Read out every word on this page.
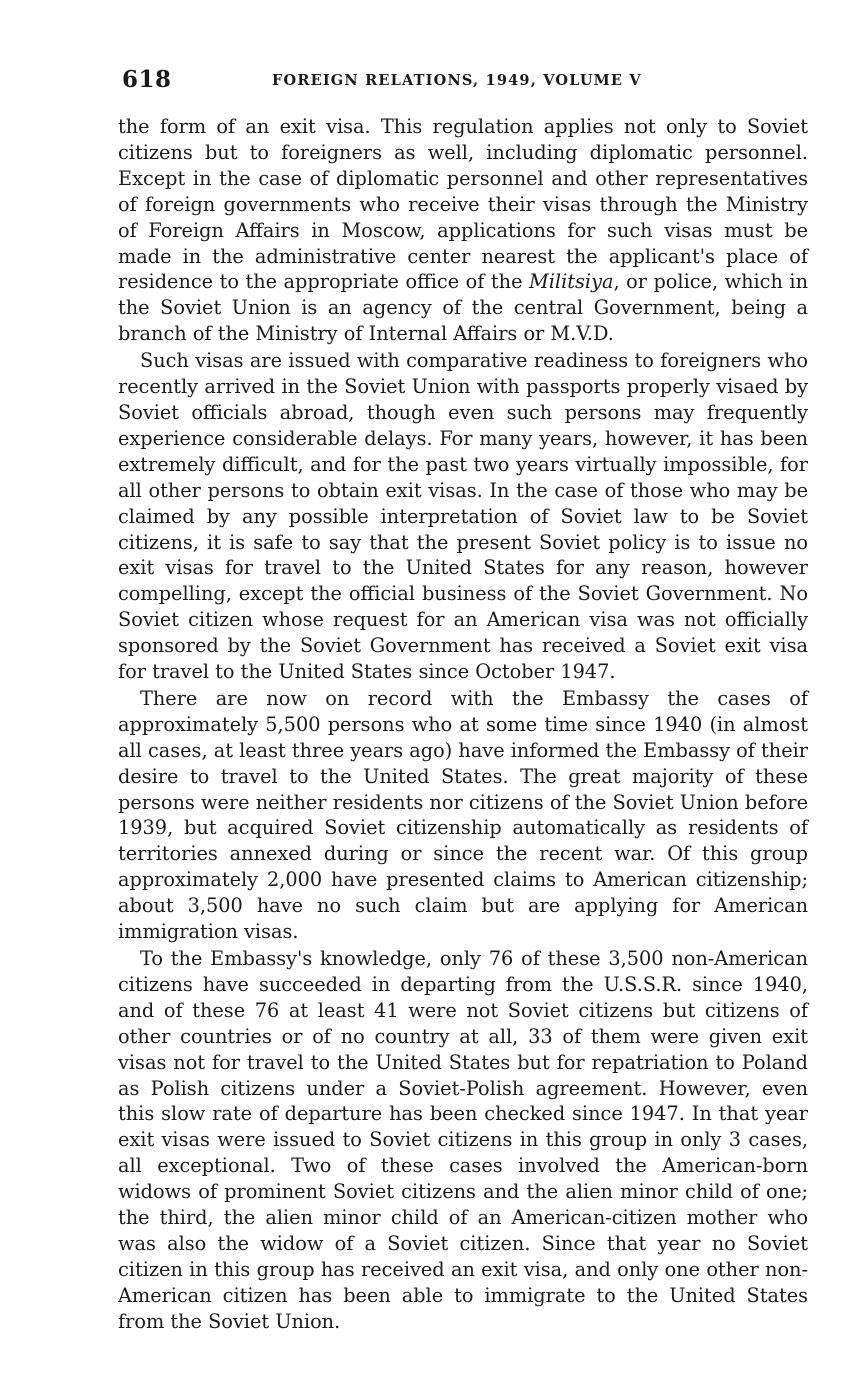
618	FOREIGN RELATIONS, 1949, VOLUME V

the form of an exit visa. This regulation applies not only to Soviet citizens but to foreigners as well, including diplomatic personnel. Except in the case of diplomatic personnel and other representatives of foreign governments who receive their visas through the Ministry of Foreign Affairs in Moscow, applications for such visas must be made in the administrative center nearest the applicant's place of residence to the appropriate office of the Militsiya, or police, which in the Soviet Union is an agency of the central Government, being a branch of the Ministry of Internal Affairs or M.V.D.

Such visas are issued with comparative readiness to foreigners who recently arrived in the Soviet Union with passports properly visaed by Soviet officials abroad, though even such persons may frequently experience considerable delays. For many years, however, it has been extremely difficult, and for the past two years virtually impossible, for all other persons to obtain exit visas. In the case of those who may be claimed by any possible interpretation of Soviet law to be Soviet citizens, it is safe to say that the present Soviet policy is to issue no exit visas for travel to the United States for any reason, however compelling, except the official business of the Soviet Government. No Soviet citizen whose request for an American visa was not officially sponsored by the Soviet Government has received a Soviet exit visa for travel to the United States since October 1947.

There are now on record with the Embassy the cases of approximately 5,500 persons who at some time since 1940 (in almost all cases, at least three years ago) have informed the Embassy of their desire to travel to the United States. The great majority of these persons were neither residents nor citizens of the Soviet Union before 1939, but acquired Soviet citizenship automatically as residents of territories annexed during or since the recent war. Of this group approximately 2,000 have presented claims to American citizenship; about 3,500 have no such claim but are applying for American immigration visas.

To the Embassy's knowledge, only 76 of these 3,500 non-American citizens have succeeded in departing from the U.S.S.R. since 1940, and of these 76 at least 41 were not Soviet citizens but citizens of other countries or of no country at all, 33 of them were given exit visas not for travel to the United States but for repatriation to Poland as Polish citizens under a Soviet-Polish agreement. However, even this slow rate of departure has been checked since 1947. In that year exit visas were issued to Soviet citizens in this group in only 3 cases, all exceptional. Two of these cases involved the American-born widows of prominent Soviet citizens and the alien minor child of one; the third, the alien minor child of an American-citizen mother who was also the widow of a Soviet citizen. Since that year no Soviet citizen in this group has received an exit visa, and only one other non-American citizen has been able to immigrate to the United States from the Soviet Union.
